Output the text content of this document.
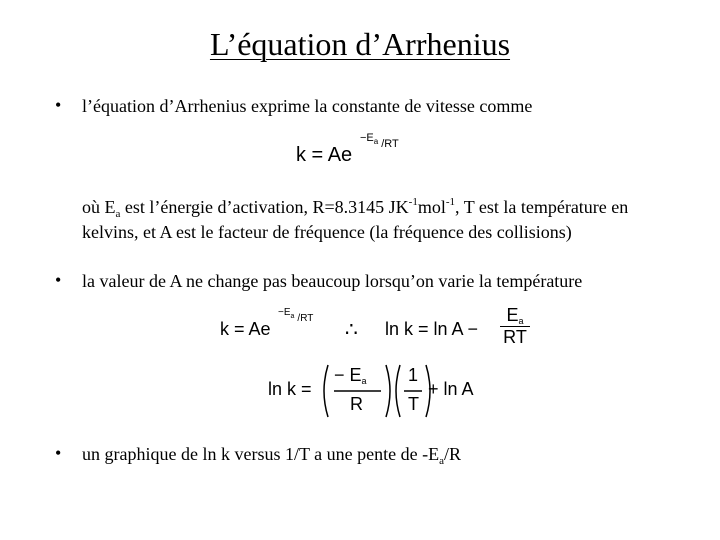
L’équation d’Arrhenius
• l’équation d’Arrhenius exprime la constante de vitesse comme
k = Ae
$-E_a$ /RT
où $E_a$ est l’énergie d’activation, R=8.3145 $JK^{-1}mol^{-1}$, T est la température en kelvins, et A est le facteur de fréquence (la fréquence des collisions)
• la valeur de A ne change pas beaucoup lorsqu’on varie la température
k = Ae
$-E_a$ /RT
∴ ln k = ln A −
Ea
RT
ln k =
− Ea
R
1
T
+ ln A
• un graphique de ln k versus 1/T a une pente de $-E_a/R$
